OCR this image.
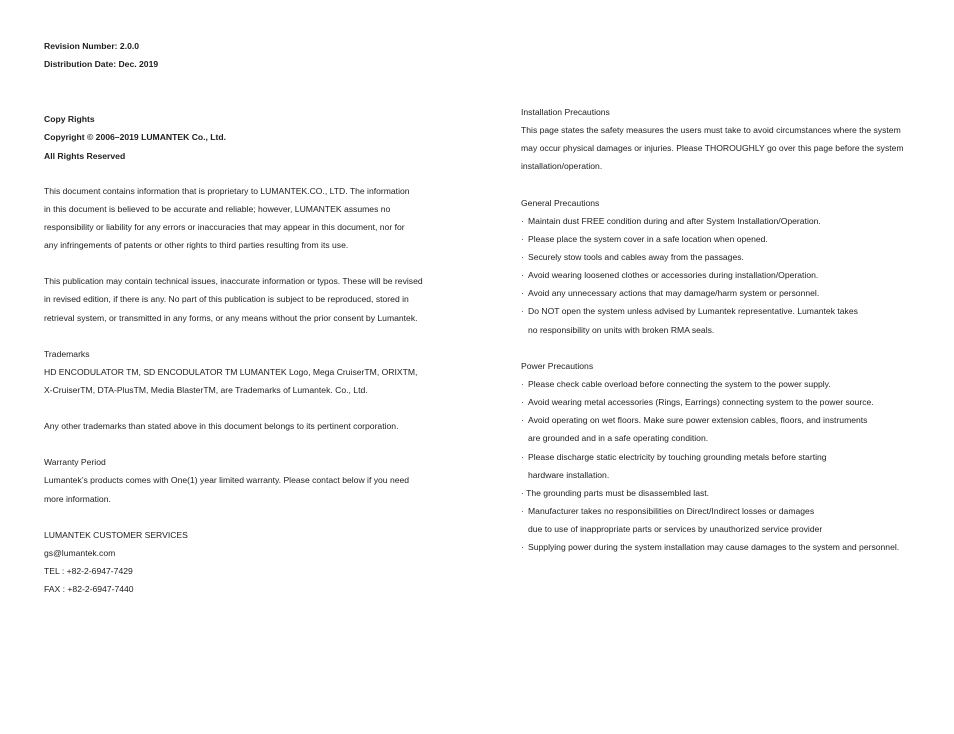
Revision Number: 2.0.0
Distribution Date: Dec. 2019
Copy Rights
Copyright © 2006–2019 LUMANTEK Co., Ltd.
All Rights Reserved
This document contains information that is proprietary to LUMANTEK.CO., LTD. The information
in this document is believed to be accurate and reliable; however, LUMANTEK assumes no
responsibility or liability for any errors or inaccuracies that may appear in this document, nor for
any infringements of patents or other rights to third parties resulting from its use.
This publication may contain technical issues, inaccurate information or typos. These will be revised
in revised edition, if there is any. No part of this publication is subject to be reproduced, stored in
retrieval system, or transmitted in any forms, or any means without the prior consent by Lumantek.
Trademarks
HD ENCODULATOR TM, SD ENCODULATOR TM LUMANTEK Logo, Mega CruiserTM, ORIXTM,
X-CruiserTM, DTA-PlusTM, Media BlasterTM, are Trademarks of Lumantek. Co., Ltd.
Any other trademarks than stated above in this document belongs to its pertinent corporation.
Warranty Period
Lumantek’s products comes with One(1) year limited warranty. Please contact below if you need
more information.
LUMANTEK CUSTOMER SERVICES
gs@lumantek.com
TEL : +82-2-6947-7429
FAX : +82-2-6947-7440
Installation Precautions
This page states the safety measures the users must take to avoid circumstances where the system
may occur physical damages or injuries. Please THOROUGHLY go over this page before the system
installation/operation.
General Precautions
· Maintain dust FREE condition during and after System Installation/Operation.
· Please place the system cover in a safe location when opened.
· Securely stow tools and cables away from the passages.
· Avoid wearing loosened clothes or accessories during installation/Operation.
· Avoid any unnecessary actions that may damage/harm system or personnel.
· Do NOT open the system unless advised by Lumantek representative. Lumantek takes
no responsibility on units with broken RMA seals.
Power Precautions
· Please check cable overload before connecting the system to the power supply.
· Avoid wearing metal accessories (Rings, Earrings) connecting system to the power source.
· Avoid operating on wet floors. Make sure power extension cables, floors, and instruments
are grounded and in a safe operating condition.
· Please discharge static electricity by touching grounding metals before starting
hardware installation.
· The grounding parts must be disassembled last.
· Manufacturer takes no responsibilities on Direct/Indirect losses or damages
due to use of inappropriate parts or services by unauthorized service provider
· Supplying power during the system installation may cause damages to the system and personnel.
